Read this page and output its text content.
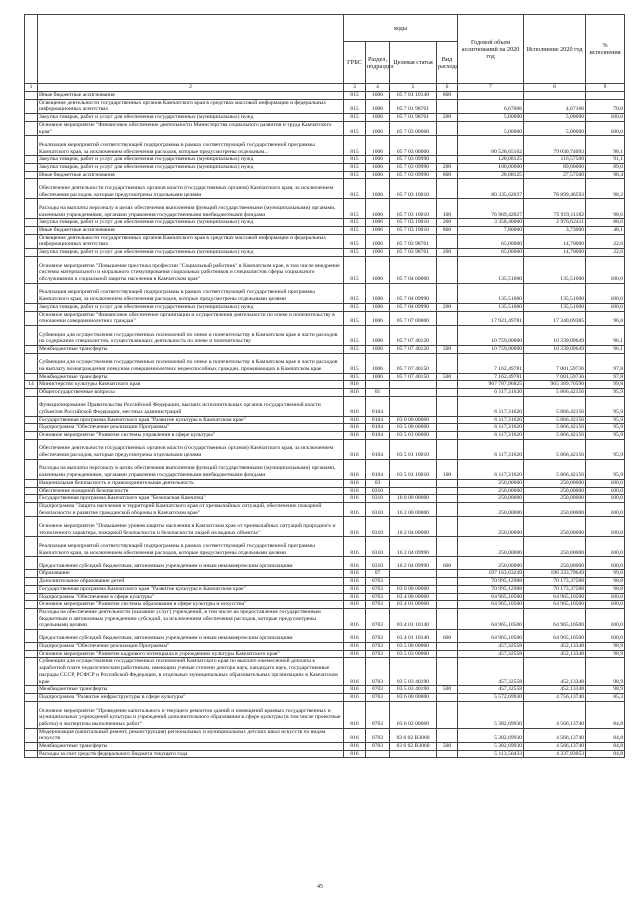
		коды				Годовой объем ассигнований на 2020 год	Исполнение 2020 год	% исполнения
		ГРБС	Раздел, подраздел	Целевая статья	Вид расхода			
1	2	3	4	5	6	7	8	9
	Иные бюджетные ассигнования	815	1006	05 7 01 10140	800			
	Освещение деятельности государственных органов Камчатского края в средствах массовой информации и федеральных информационных агентствах	815	1006	05 7 01 98701		6,67006	4,67166	70,0
	Закупка товаров, работ и услуг для обеспечения государственных (муниципальных) нужд	815	1006	05 7 01 98701	200	5,00000	5,00000	100,0
	Основное мероприятие "Финансовое обеспечение деятельности Министерства социального развития и труда Камчатского края"	815	1006	05 7 03 00000		5,00000	5,00000	100,0
	Реализация мероприятий соответствующей подпрограммы в рамках соответствующей государственной программы Камчатского края, за исключением обеспечения расходов, которые предусмотрены отдельным...	815	1006	05 7 03 00000		80 528,65162	79 030,74093	98,1
	Закупка товаров, работ и услуг для обеспечения государственных (муниципальных) нужд	815	1006	05 7 03 09990		128,08125	116,57500	91,1
	Закупка товаров, работ и услуг для обеспечения государственных (муниципальных) нужд	815	1006	05 7 03 09990	200	100,00000	89,00000	89,0
	Иные бюджетные ассигнования	815	1006	05 7 03 09990	800	28,08125	27,57500	98,4
	Обеспечение деятельности государственных органов власти (государственных органов) Камчатского края, за исключением обеспечения расходов, которые предусмотрены отдельными целями	815	1006	05 7 03 10010		80 335,62037	78 899,46593	98,2
	Расходы на выплаты персоналу в целях обеспечения выполнения функций государственными (муниципальными) органами, казенными учреждениями, органами управления государственными внебюджетными фондами	815	1006	05 7 03 10010	100	76 969,42027	75 919,11182	98,6
	Закупка товаров, работ и услуг для обеспечения государственных (муниципальных) нужд	815	1006	05 7 03 10010	200	3 358,40000	2 976,62411	88,6
	Иные бюджетные ассигнования	815	1006	05 7 03 10010	800	7,80000	3,73000	48,1
	Освещение деятельности государственных органов Камчатского края в средствах массовой информации и федеральных информационных агентствах	815	1006	05 7 03 98701		65,00000	14,70000	22,6
	Закупка товаров, работ и услуг для обеспечения государственных (муниципальных) нужд	815	1006	05 7 03 98701	200	65,00000	14,70000	22,6
	Основное мероприятие "Повышение престижа профессии "Социальный работник" в Камчатском крае, в том числе внедрение системы материального и морального стимулирования социальных работников и специалистов сферы социального обслуживания и социальной защиты населения в Камчатском крае"	815	1006	05 7 04 00000		135,51600	135,51600	100,0
	Реализация мероприятий соответствующей подпрограммы в рамках соответствующей государственной программы Камчатского края, за исключением обеспечения расходов, которые предусмотрены отдельными целями	815	1006	05 7 04 09990		135,51600	135,51600	100,0
	Закупка товаров, работ и услуг для обеспечения государственных (муниципальных) нужд	815	1006	05 7 04 09990	200	135,51600	135,51600	100,0
	Основное мероприятие "Финансовое обеспечение организации и осуществления деятельности по опеке и попечительству в отношении совершеннолетних граждан"	815	1006	05 7 07 00000		17 921,49781	17 340,69385	96,8
	Субвенции для осуществления государственных полномочий по опеке и попечительству в Камчатском крае в части расходов на содержание специалистов, осуществляющих деятельность по опеке и попечительству	815	1006	05 7 07 40120		10 759,00000	10 339,09649	96,1
	Межбюджетные трансферты	815	1006	05 7 07 40120	500	10 759,00000	10 339,09649	96,1
	Субвенции для осуществления государственных полномочий по опеке и попечительству в Камчатском крае в части расходов на выплату вознаграждения опекунам совершеннолетних недееспособных граждан, проживающих в Камчатском крае	815	1006	05 7 07 40150		7 162,49781	7 001,59736	97,8
	Межбюджетные трансферты	815	1006	05 7 07 40150	500	7 162,49781	7 001,59736	97,8
14	Министерство культуры Камчатского края	816				967 787,96825	965 389,70590	99,8
	Общегосударственные вопросы	816	01			6 117,31620	5 866,42156	95,9
	Функционирование Правительства Российской Федерации, высших исполнительных органов государственной власти субъектов Российской Федерации, местных администраций	816	0104			6 117,31620	5 866,42156	95,9
	Государственная программа Камчатского края "Развитие культуры в Камчатском крае"	816	0104	03 0 00 00000		6 117,31620	5 866,42156	95,9
	Подпрограмма "Обеспечение реализации Программы"	816	0104	03 5 00 00000		6 117,31620	5 866,42156	95,9
	Основное мероприятие "Развитие системы управления в сфере культуры"	816	0104	03 5 01 00000		6 117,31620	5 866,42156	95,9
	Обеспечение деятельности государственных органов власти (государственных органов) Камчатского края, за исключением обеспечения расходов, которые предусмотрены отдельными целями	816	0104	03 5 01 10010		6 117,31620	5 866,42156	95,9
	Расходы на выплаты персоналу в целях обеспечения выполнения функций государственными (муниципальными) органами, казенными учреждениями, органами управления государственными внебюджетными фондами	816	0104	03 5 01 10010	100	6 117,31620	5 866,42156	95,9
	Национальная безопасность и правоохранительная деятельность	816	03			250,00000	250,00000	100,0
	Обеспечение пожарной безопасности	816	0310			250,00000	250,00000	100,0
	Государственная программа Камчатского края "Безопасная Камчатка"	816	0310	16 0 00 00000		250,00000	250,00000	100,0
	Подпрограмма "Защита населения и территорий Камчатского края от чрезвычайных ситуаций, обеспечение пожарной безопасности и развитие гражданской обороны в Камчатском крае"	816	0310	16 2 00 00000		250,00000	250,00000	100,0
	Основное мероприятие "Повышение уровня защиты населения в Камчатском крае от чрезвычайных ситуаций природного и техногенного характера, пожарной безопасности и безопасности людей на водных объектах"	816	0310	16 2 04 00000		250,00000	250,00000	100,0
	Реализация мероприятий соответствующей подпрограммы в рамках соответствующей государственной программы Камчатского края, за исключением обеспечения расходов, которые предусмотрены отдельными целями	816	0310	16 2 04 09990		250,00000	250,00000	100,0
	Предоставление субсидий бюджетным, автономным учреждениям и иным некоммерческим организациям	816	0310	16 2 04 09990	600	250,00000	250,00000	100,0
	Образование	816	07			197 163,63249	196 333,79649	99,6
	Дополнительное образование детей	816	0703			70 995,12988	70 173,37588	98,8
	Государственная программа Камчатского края "Развитие культуры в Камчатском крае"	816	0703	03 0 00 00000		70 995,12988	70 173,37588	98,8
	Подпрограмма "Обеспечение в сфере культуры"	816	0703	03 4 00 00000		64 965,10500	64 965,10500	100,0
	Основное мероприятие "Развитие системы образования в сфере культуры и искусства"	816	0703	03 4 01 00000		64 965,10500	64 965,10500	100,0
	Расходы на обеспечение деятельности (оказание услуг) учреждений, в том числе на предоставление государственным бюджетным и автономным учреждениям субсидий, за исключением обеспечения расходов, которые предусмотрены отдельными целями	816	0703	03 4 01 10140		64 965,10500	64 965,10500	100,0
	Предоставление субсидий бюджетным, автономным учреждениям и иным некоммерческим организациям	816	0703	03 4 01 10140	600	64 965,10500	64 965,10500	100,0
	Подпрограмма "Обеспечение реализации Программы"	816	0703	03 5 00 00000		457,32558	452,13348	98,9
	Основное мероприятие "Развитие кадрового потенциала в учреждениях культуры Камчатского края"	816	0703	03 5 03 00000		457,32558	452,13348	98,9
	Субвенции для осуществления государственных полномочий Камчатского края по выплате ежемесячной доплаты к заработной плате педагогическим работникам, имеющим ученые степени доктора наук, кандидата наук, государственные награды СССР, РСФСР и Российской Федерации, в отдельных муниципальных образовательных организациях в Камчатском крае	816	0703	03 5 03 40190		457,32558	452,13348	98,9
	Межбюджетные трансферты	816	0703	03 5 03 40190	500	457,32558	452,13348	98,9
	Подпрограмма "Развитие инфраструктуры в сфере культуры"	816	0703	03 6 00 00000		5 572,69930	4 756,13740	85,3
	Основное мероприятие "Проведение капитального и текущего ремонтов зданий и помещений краевых государственных и муниципальных учреждений культуры и учреждений дополнительного образования в сфере культуры (в том числе проектные работы) и экспертизы выполненных работ"	816	0703	03 6 02 00000		5 382,69930	4 566,13740	84,8
	Модернизация (капитальный ремонт, реконструкция) региональных и муниципальных детских школ искусств по видам искусств	816	0703	03 6 02 R3060		5 382,69930	4 566,13740	84,8
	Межбюджетные трансферты	816	0703	03 6 02 R3060	500	5 382,69930	4 566,13740	84,8
	Расходы за счет средств федерального бюджета текущего года	816				5 113,56433	4 337,83053	84,8
45
